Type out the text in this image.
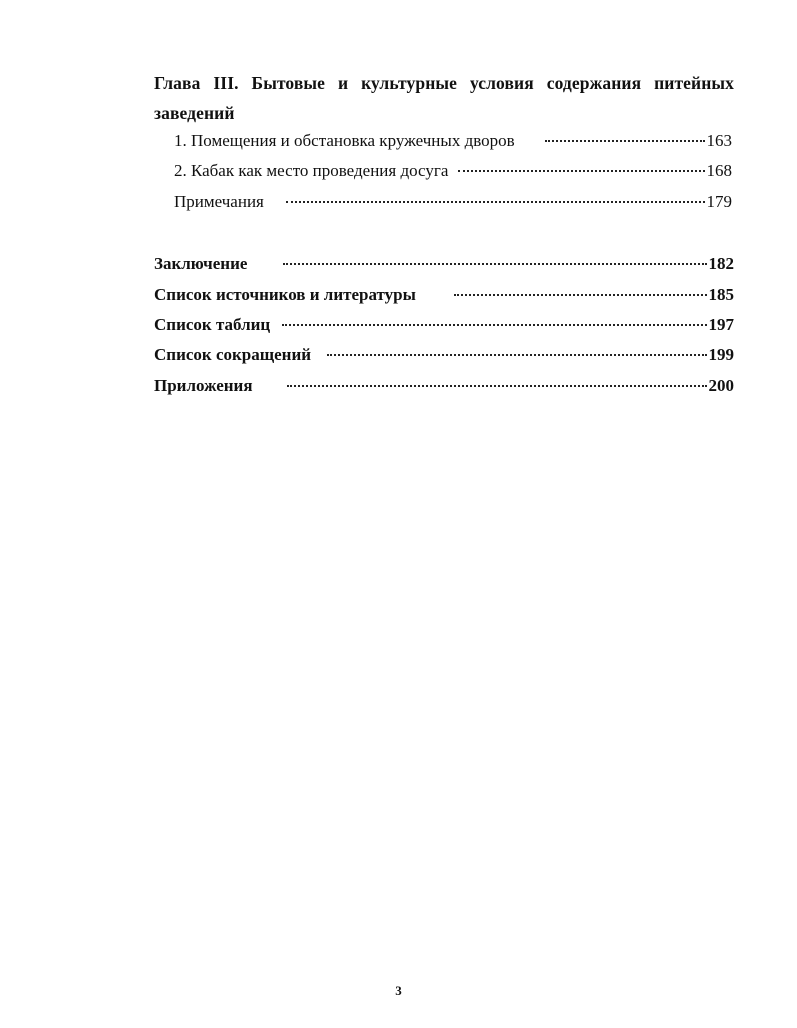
Глава III. Бытовые и культурные условия содержания питейных заведений
1. Помещения и обстановка кружечных дворов	163
2. Кабак как место проведения досуга	168
Примечания	179
Заключение	182
Список источников и литературы	185
Список таблиц	197
Список сокращений	199
Приложения	200
3
